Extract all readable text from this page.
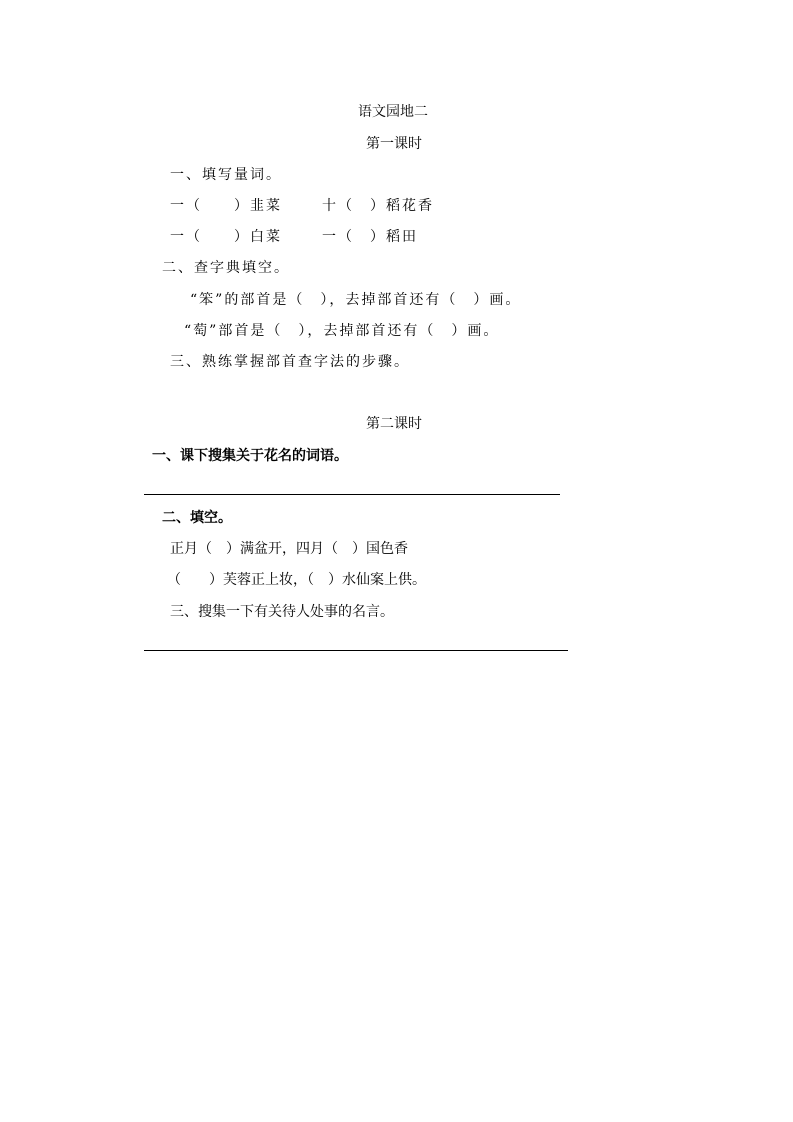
语文园地二
第一课时
一、填写量词。
一（　　）韭菜	十（　）稻花香
一（　　）白菜	一（　）稻田
二、查字典填空。
“笨”的部首是（　），去掉部首还有（　）画。
“萄”部首是（　），去掉部首还有（　）画。
三、熟练掌握部首查字法的步骤。
第二课时
一、课下搜集关于花名的词语。
二、填空。
正月（　）满盆开，四月（　）国色香
（　　）芙蓉正上妆，（　）水仙案上供。
三、搜集一下有关待人处事的名言。
